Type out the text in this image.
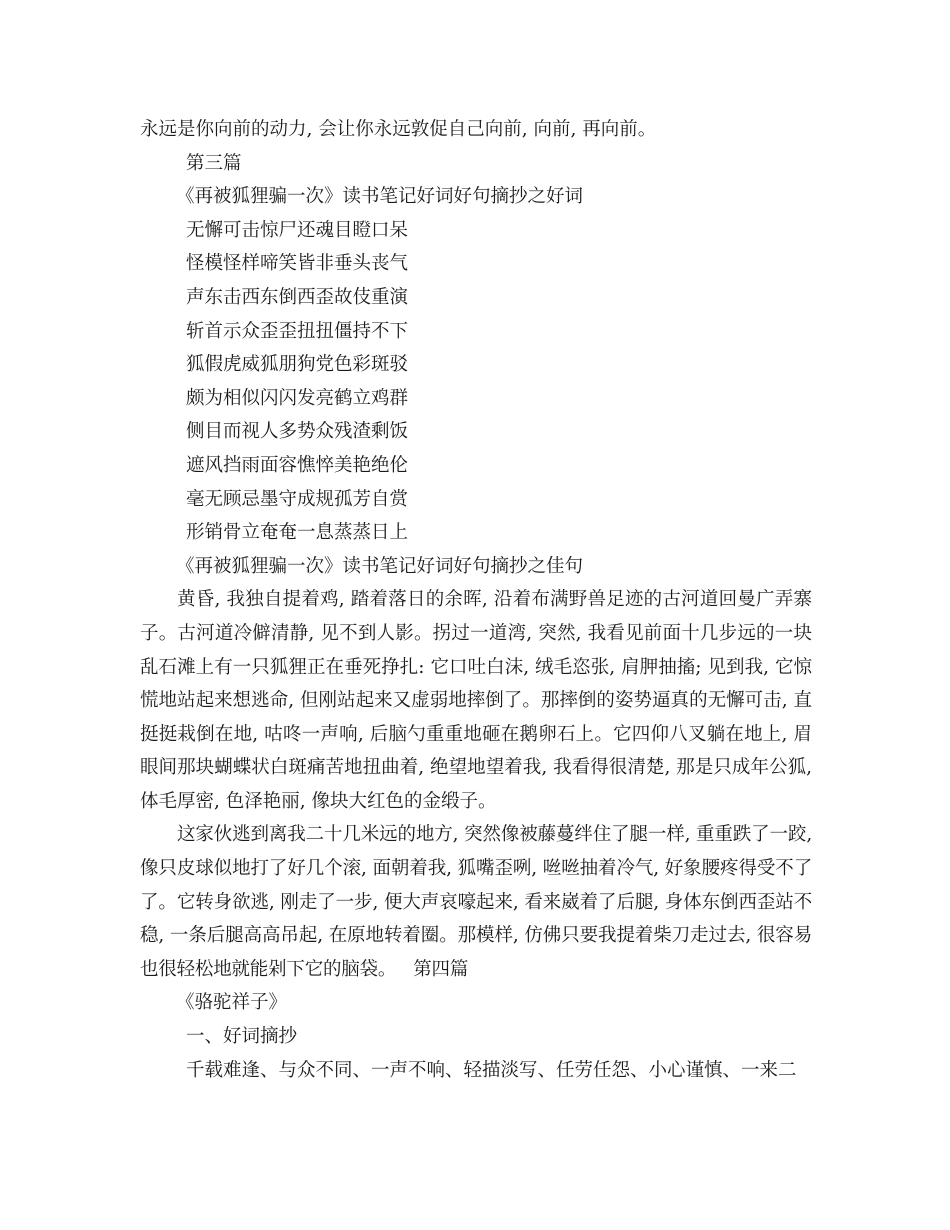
永远是你向前的动力, 会让你永远敦促自己向前, 向前, 再向前。
第三篇
《再被狐狸骗一次》读书笔记好词好句摘抄之好词
无懈可击惊尸还魂目瞪口呆
怪模怪样啼笑皆非垂头丧气
声东击西东倒西歪故伎重演
斩首示众歪歪扭扭僵持不下
狐假虎威狐朋狗党色彩斑驳
颇为相似闪闪发亮鹤立鸡群
侧目而视人多势众残渣剩饭
遮风挡雨面容憔悴美艳绝伦
毫无顾忌墨守成规孤芳自赏
形销骨立奄奄一息蒸蒸日上
《再被狐狸骗一次》读书笔记好词好句摘抄之佳句

黄昏, 我独自提着鸡, 踏着落日的余晖, 沿着布满野兽足迹的古河道回曼广弄寨子。古河道冷僻清静, 见不到人影。拐过一道湾, 突然, 我看见前面十几步远的一块乱石滩上有一只狐狸正在垂死挣扎: 它口吐白沫, 绒毛恣张, 肩胛抽搐; 见到我, 它惊慌地站起来想逃命, 但刚站起来又虚弱地摔倒了。那摔倒的姿势逼真的无懈可击, 直挺挺栽倒在地, 咕咚一声响, 后脑勺重重地砸在鹅卵石上。它四仰八叉躺在地上, 眉眼间那块蝴蝶状白斑痛苦地扭曲着, 绝望地望着我, 我看得很清楚, 那是只成年公狐, 体毛厚密, 色泽艳丽, 像块大红色的金缎子。

这家伙逃到离我二十几米远的地方, 突然像被藤蔓绊住了腿一样, 重重跌了一跤, 像只皮球似地打了好几个滚, 面朝着我, 狐嘴歪咧, 咝咝抽着冷气, 好象腰疼得受不了了。它转身欲逃, 刚走了一步, 便大声哀嚎起来, 看来崴着了后腿, 身体东倒西歪站不稳, 一条后腿高高吊起, 在原地转着圈。那模样, 仿佛只要我提着柴刀走过去, 很容易也很轻松地就能剁下它的脑袋。 第四篇

《骆驼祥子》
一、好词摘抄
千载难逢、与众不同、一声不响、轻描淡写、任劳任怨、小心谨慎、一来二
